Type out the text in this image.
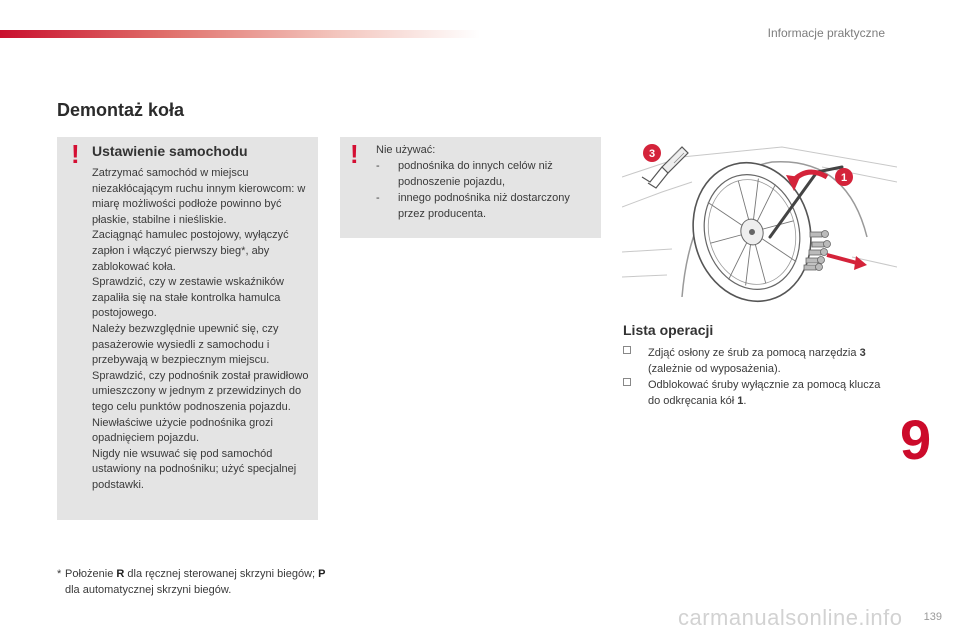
Informacje praktyczne
Demontaż koła
! Ustawienie samochodu

Zatrzymać samochód w miejscu niezakłócającym ruchu innym kierowcom: w miarę możliwości podłoże powinno być płaskie, stabilne i nieśliskie.

Zaciągnąć hamulec postojowy, wyłączyć zapłon i włączyć pierwszy bieg*, aby zablokować koła.

Sprawdzić, czy w zestawie wskaźników zapaliła się na stałe kontrolka hamulca postojowego.

Należy bezwzględnie upewnić się, czy pasażerowie wysiedli z samochodu i przebywają w bezpiecznym miejscu.

Sprawdzić, czy podnośnik został prawidłowo umieszczony w jednym z przewidzinych do tego celu punktów podnoszenia pojazdu.

Niewłaściwe użycie podnośnika grozi opadnięciem pojazdu.

Nigdy nie wsuwać się pod samochód ustawiony na podnośniku; użyć specjalnej podstawki.

! Nie używać:
- podnośnika do innych celów niż podnoszenie pojazdu,
- innego podnośnika niż dostarczony przez producenta.
* Położenie R dla ręcznej sterowanej skrzyni biegów; P dla automatycznej skrzyni biegów.
3
1
Lista operacji
Zdjąć osłony ze śrub za pomocą narzędzia 3 (zależnie od wyposażenia).
Odblokować śruby wyłącznie za pomocą klucza do odkręcania kół 1.
9
carmanualsonline.info 139
